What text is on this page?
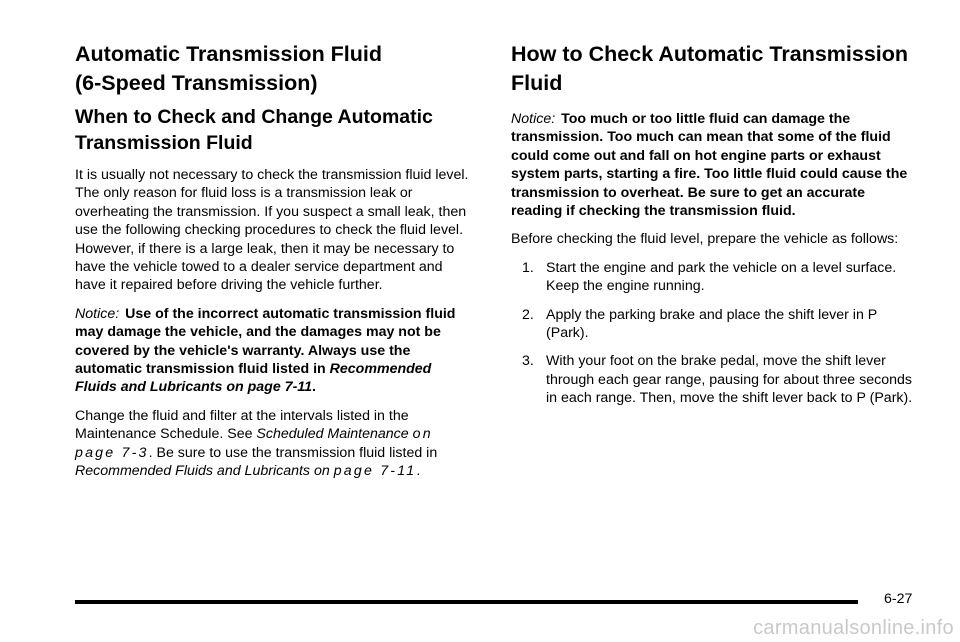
Automatic Transmission Fluid
(6-Speed Transmission)
When to Check and Change Automatic
Transmission Fluid

It is usually not necessary to check the transmission fluid level. The only reason for fluid loss is a transmission leak or overheating the transmission. If you suspect a small leak, then use the following checking procedures to check the fluid level. However, if there is a large leak, then it may be necessary to have the vehicle towed to a dealer service department and have it repaired before driving the vehicle further.

Notice: Use of the incorrect automatic transmission fluid may damage the vehicle, and the damages may not be covered by the vehicle's warranty. Always use the automatic transmission fluid listed in Recommended Fluids and Lubricants on page 7-11.

Change the fluid and filter at the intervals listed in the Maintenance Schedule. See Scheduled Maintenance on page 7-3. Be sure to use the transmission fluid listed in Recommended Fluids and Lubricants on page 7-11.

How to Check Automatic Transmission
Fluid

Notice: Too much or too little fluid can damage the transmission. Too much can mean that some of the fluid could come out and fall on hot engine parts or exhaust system parts, starting a fire. Too little fluid could cause the transmission to overheat. Be sure to get an accurate reading if checking the transmission fluid.

Before checking the fluid level, prepare the vehicle as follows:

1. Start the engine and park the vehicle on a level surface. Keep the engine running.
2. Apply the parking brake and place the shift lever in P (Park).
3. With your foot on the brake pedal, move the shift lever through each gear range, pausing for about three seconds in each range. Then, move the shift lever back to P (Park).
6-27
carmanualsonline.info
